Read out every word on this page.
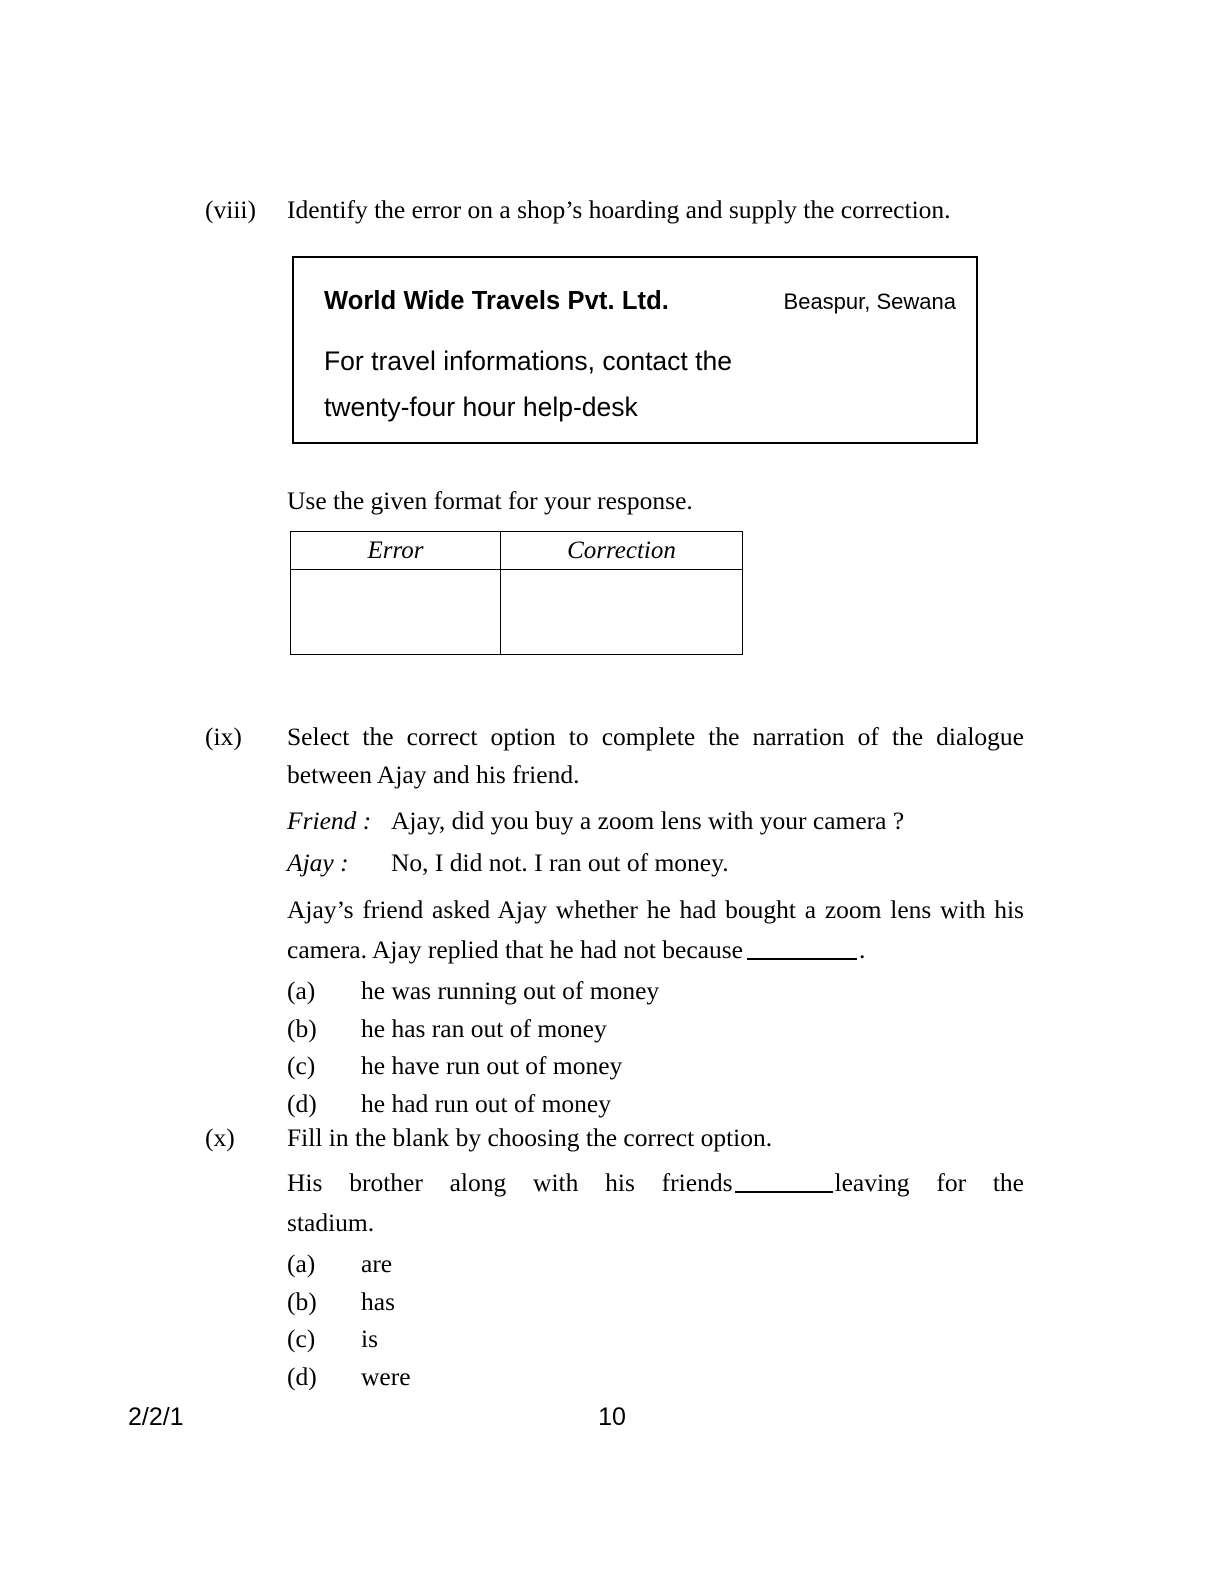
(viii)	Identify the error on a shop’s hoarding and supply the correction.
World Wide Travels Pvt. Ltd.	Beaspur, Sewana
For travel informations, contact the
twenty-four hour help-desk
Use the given format for your response.
Error	Correction

(ix)	Select the correct option to complete the narration of the dialogue between Ajay and his friend.
Friend : Ajay, did you buy a zoom lens with your camera ?
Ajay : No, I did not. I ran out of money.
Ajay’s friend asked Ajay whether he had bought a zoom lens with his camera. Ajay replied that he had not because	.
(a) he was running out of money
(b) he has ran out of money
(c) he have run out of money
(d) he had run out of money
(x)	Fill in the blank by choosing the correct option.
His brother along with his friends	leaving for the
stadium.
(a) are
(b) has
(c) is
(d) were
2/2/1	10
